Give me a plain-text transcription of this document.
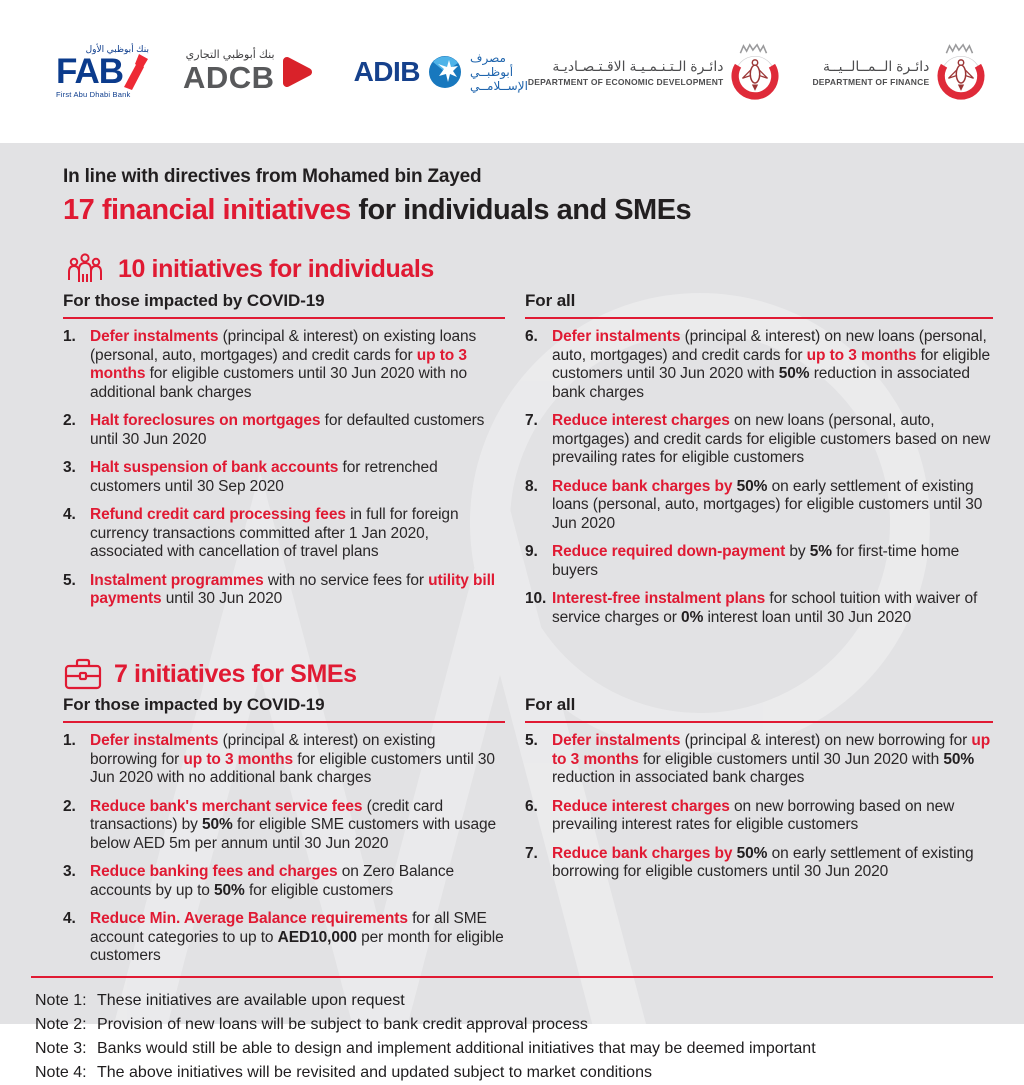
بنك أبوظبي الأول
FAB
First Abu Dhabi Bank
بنك أبوظبي التجاري
ADCB	ADIB	مصرف أبوظبــي
الإســلامــي
دائـرة الـتـنـمـيـة الاقـتـصـاديـة
DEPARTMENT OF ECONOMIC DEVELOPMENT
دائـرة الــمــالــيــة
DEPARTMENT OF FINANCE
In line with directives from Mohamed bin Zayed
17 financial initiatives for individuals and SMEs
10 initiatives for individuals
For those impacted by COVID-19
1. Defer instalments (principal & interest) on existing loans (personal, auto, mortgages) and credit cards for up to 3 months for eligible customers until 30 Jun 2020 with no additional bank charges
2. Halt foreclosures on mortgages for defaulted customers until 30 Jun 2020
3. Halt suspension of bank accounts for retrenched customers until 30 Sep 2020
4. Refund credit card processing fees in full for foreign currency transactions committed after 1 Jan 2020, associated with cancellation of travel plans
5. Instalment programmes with no service fees for utility bill payments until 30 Jun 2020
For all
6. Defer instalments (principal & interest) on new loans (personal, auto, mortgages) and credit cards for up to 3 months for eligible customers until 30 Jun 2020 with 50% reduction in associated bank charges
7. Reduce interest charges on new loans (personal, auto, mortgages) and credit cards for eligible customers based on new prevailing rates for eligible customers
8. Reduce bank charges by 50% on early settlement of existing loans (personal, auto, mortgages) for eligible customers until 30 Jun 2020
9. Reduce required down-payment by 5% for first-time home buyers
10. Interest-free instalment plans for school tuition with waiver of service charges or 0% interest loan until 30 Jun 2020
7 initiatives for SMEs
For those impacted by COVID-19
1. Defer instalments (principal & interest) on existing borrowing for up to 3 months for eligible customers until 30 Jun 2020 with no additional bank charges
2. Reduce bank's merchant service fees (credit card transactions) by 50% for eligible SME customers with usage below AED 5m per annum until 30 Jun 2020
3. Reduce banking fees and charges on Zero Balance accounts by up to 50% for eligible customers
4. Reduce Min. Average Balance requirements for all SME account categories to up to AED10,000 per month for eligible customers
For all
5. Defer instalments (principal & interest) on new borrowing for up to 3 months for eligible customers until 30 Jun 2020 with 50% reduction in associated bank charges
6. Reduce interest charges on new borrowing based on new prevailing interest rates for eligible customers
7. Reduce bank charges by 50% on early settlement of existing borrowing for eligible customers until 30 Jun 2020
Note 1: These initiatives are available upon request
Note 2: Provision of new loans will be subject to bank credit approval process
Note 3: Banks would still be able to design and implement additional initiatives that may be deemed important
Note 4: The above initiatives will be revisited and updated subject to market conditions
